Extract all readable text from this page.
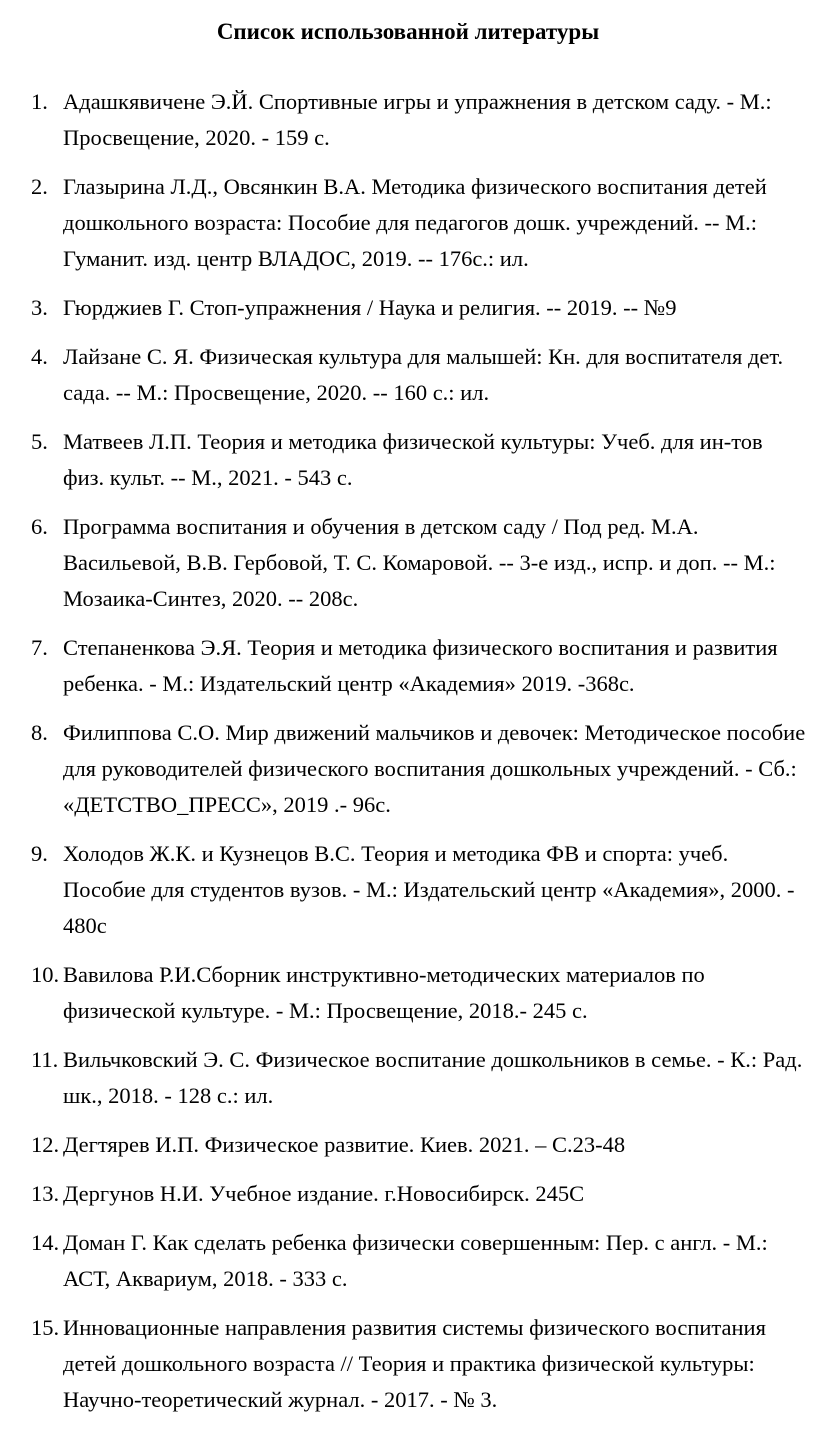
Список использованной литературы
1. Адашкявичене Э.Й. Спортивные игры и упражнения в детском саду. - М.: Просвещение, 2020. - 159 с.
2. Глазырина Л.Д., Овсянкин В.А. Методика физического воспитания детей дошкольного возраста: Пособие для педагогов дошк. учреждений. -- М.: Гуманит. изд. центр ВЛАДОС, 2019. -- 176с.: ил.
3. Гюрджиев Г. Стоп-упражнения / Наука и религия. -- 2019. -- №9
4. Лайзане С. Я. Физическая культура для малышей: Кн. для воспитателя дет. сада. -- М.: Просвещение, 2020. -- 160 с.: ил.
5. Матвеев Л.П. Теория и методика физической культуры: Учеб. для ин-тов физ. культ. -- М., 2021. - 543 с.
6. Программа воспитания и обучения в детском саду / Под ред. М.А. Васильевой, В.В. Гербовой, Т. С. Комаровой. -- 3-е изд., испр. и доп. -- М.: Мозаика-Синтез, 2020. -- 208с.
7. Степаненкова Э.Я. Теория и методика физического воспитания и развития ребенка. - М.: Издательский центр «Академия» 2019. -368с.
8. Филиппова С.О. Мир движений мальчиков и девочек: Методическое пособие для руководителей физического воспитания дошкольных учреждений. - Сб.: «ДЕТСТВО_ПРЕСС», 2019 .- 96с.
9. Холодов Ж.К. и Кузнецов В.С. Теория и методика ФВ и спорта: учеб. Пособие для студентов вузов. - М.: Издательский центр «Академия», 2000. - 480с
10. Вавилова Р.И.Сборник инструктивно-методических материалов по физической культуре. - М.: Просвещение, 2018.- 245 с.
11. Вильчковский Э. С. Физическое воспитание дошкольников в семье. - К.: Рад. шк., 2018. - 128 с.: ил.
12. Дегтярев И.П. Физическое развитие. Киев. 2021. – С.23-48
13. Дергунов Н.И. Учебное издание. г.Новосибирск. 245С
14. Доман Г. Как сделать ребенка физически совершенным: Пер. с англ. - М.: АСТ, Аквариум, 2018. - 333 с.
15. Инновационные направления развития системы физического воспитания детей дошкольного возраста // Теория и практика физической культуры: Научно-теоретический журнал. - 2017. - № 3.
